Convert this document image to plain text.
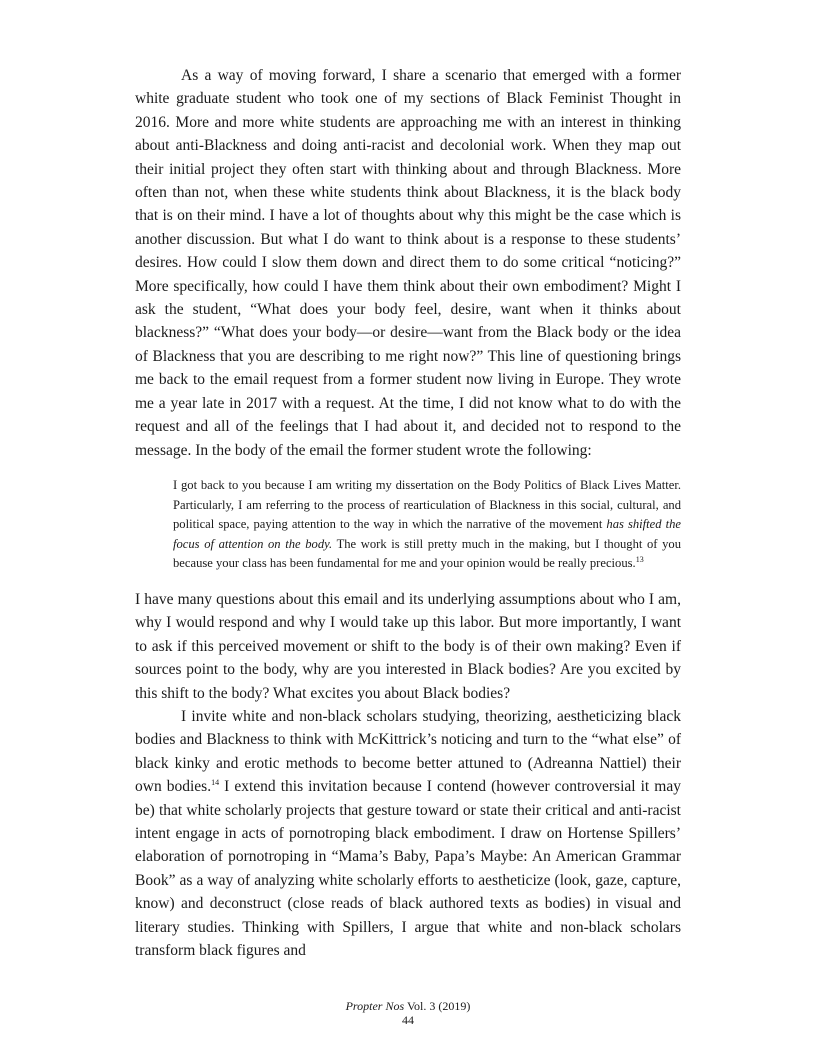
As a way of moving forward, I share a scenario that emerged with a former white graduate student who took one of my sections of Black Feminist Thought in 2016. More and more white students are approaching me with an interest in thinking about anti-Blackness and doing anti-racist and decolonial work. When they map out their initial project they often start with thinking about and through Blackness. More often than not, when these white students think about Blackness, it is the black body that is on their mind. I have a lot of thoughts about why this might be the case which is another discussion. But what I do want to think about is a response to these students’ desires. How could I slow them down and direct them to do some critical “noticing?” More specifically, how could I have them think about their own embodiment? Might I ask the student, “What does your body feel, desire, want when it thinks about blackness?” “What does your body—or desire—want from the Black body or the idea of Blackness that you are describing to me right now?” This line of questioning brings me back to the email request from a former student now living in Europe. They wrote me a year late in 2017 with a request. At the time, I did not know what to do with the request and all of the feelings that I had about it, and decided not to respond to the message. In the body of the email the former student wrote the following:

I got back to you because I am writing my dissertation on the Body Politics of Black Lives Matter. Particularly, I am referring to the process of rearticulation of Blackness in this social, cultural, and political space, paying attention to the way in which the narrative of the movement has shifted the focus of attention on the body. The work is still pretty much in the making, but I thought of you because your class has been fundamental for me and your opinion would be really precious.$^{13}$

I have many questions about this email and its underlying assumptions about who I am, why I would respond and why I would take up this labor. But more importantly, I want to ask if this perceived movement or shift to the body is of their own making? Even if sources point to the body, why are you interested in Black bodies? Are you excited by this shift to the body? What excites you about Black bodies?

I invite white and non-black scholars studying, theorizing, aestheticizing black bodies and Blackness to think with McKittrick’s noticing and turn to the “what else” of black kinky and erotic methods to become better attuned to (Adreanna Nattiel) their own bodies.$^{14}$ I extend this invitation because I contend (however controversial it may be) that white scholarly projects that gesture toward or state their critical and anti-racist intent engage in acts of pornotroping black embodiment. I draw on Hortense Spillers’ elaboration of pornotroping in “Mama’s Baby, Papa’s Maybe: An American Grammar Book” as a way of analyzing white scholarly efforts to aestheticize (look, gaze, capture, know) and deconstruct (close reads of black authored texts as bodies) in visual and literary studies. Thinking with Spillers, I argue that white and non-black scholars transform black figures and

Propter Nos Vol. 3 (2019)
44
